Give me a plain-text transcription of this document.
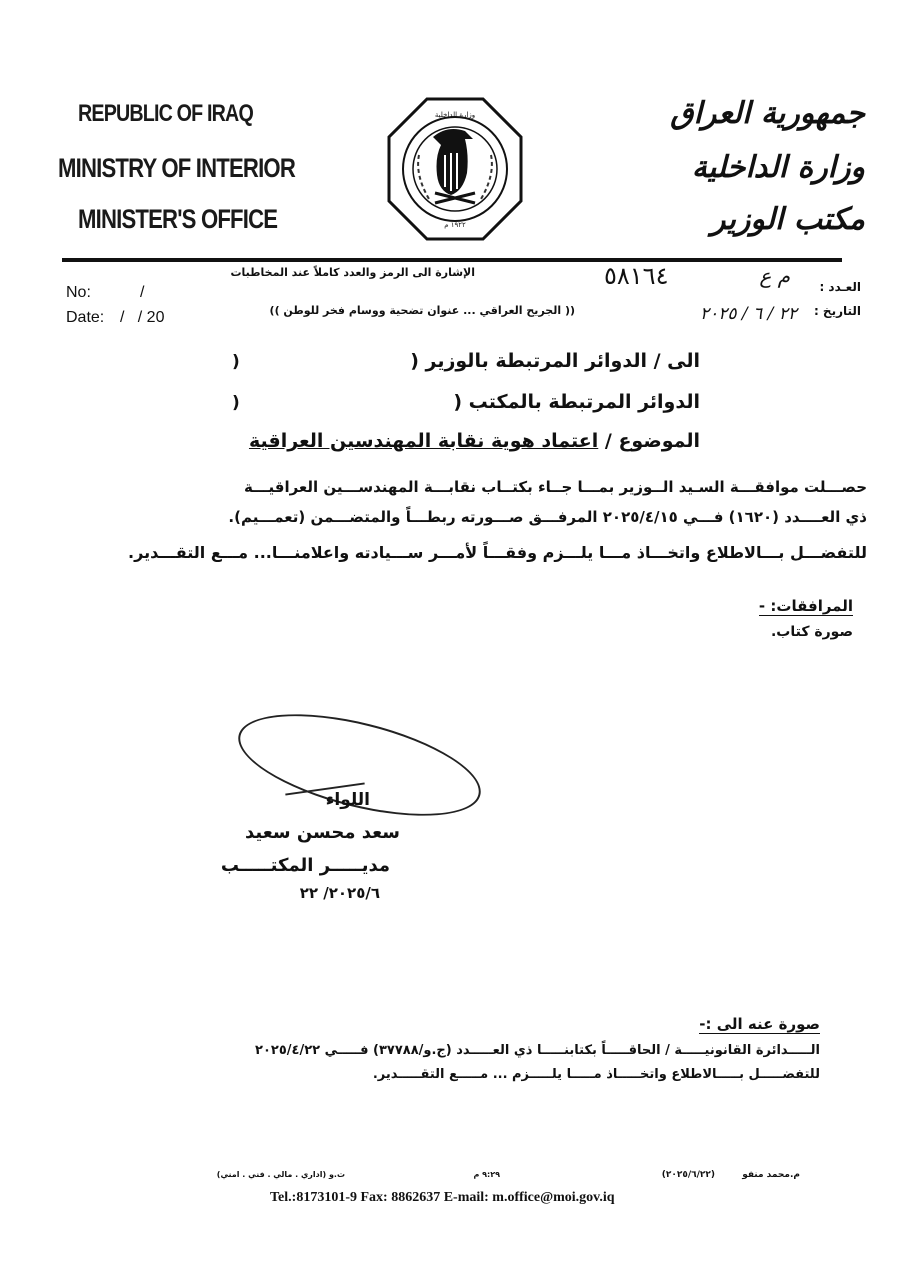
REPUBLIC OF IRAQ
MINISTRY OF INTERIOR
MINISTER'S OFFICE
وزارة الداخلية
١٩٢٢ م
جمهورية العراق
وزارة الداخلية
مكتب الوزير
No:	/
Date: /   / 20
الإشارة الى الرمز والعدد كاملاً عند المخاطبات
(( الجريح العراقي ... عنوان تضحية ووسام فخر للوطن ))
٥٨١٦٤	م ع العـدد :
التاريخ :
٢٢ / ٦ / ٢٠٢٥
الى / الدوائر المرتبطة بالوزير (
)
الدوائر المرتبطة بالمكتب (
)
الموضوع / اعتماد هوية نقابة المهندسين العراقية
حصـــلت موافقـــة السـيد الــوزير بمـــا جــاء بكتــاب نقابـــة المهندســـين العراقيـــة
ذي العــــدد (١٦٢٠) فـــي ٢٠٢٥/٤/١٥ المرفـــق صـــورته ربطـــاً والمتضـــمن (تعمـــيم).
للتفضـــل بـــالاطلاع واتخـــاذ مـــا يلـــزم وفقـــاً لأمـــر ســـيادته واعلامنـــا... مـــع التقـــدير.
المرافقات: -
صورة كتاب.
اللواء
سعد محسن سعيد
مديـــــر المكتـــــب
٢٠٢٥/٦/ ٢٢
صورة عنه الى :-
الـــــدائرة القانونيـــــة / الحاقـــــاً بكتابنـــــا ذي العـــــدد (ج.و/٣٧٧٨٨) فـــــي ٢٠٢٥/٤/٢٢
للتفضـــــل بـــــالاطلاع واتخـــــاذ مـــــا يلـــــزم ... مـــــع التقـــــدير.
م.محمد منفو
(٢٠٢٥/٦/٢٢)
٩:٢٩ م
ت.و (اداري . مالي . فني . امني)
Tel.:8173101-9 Fax: 8862637 E-mail: m.office@moi.gov.iq
